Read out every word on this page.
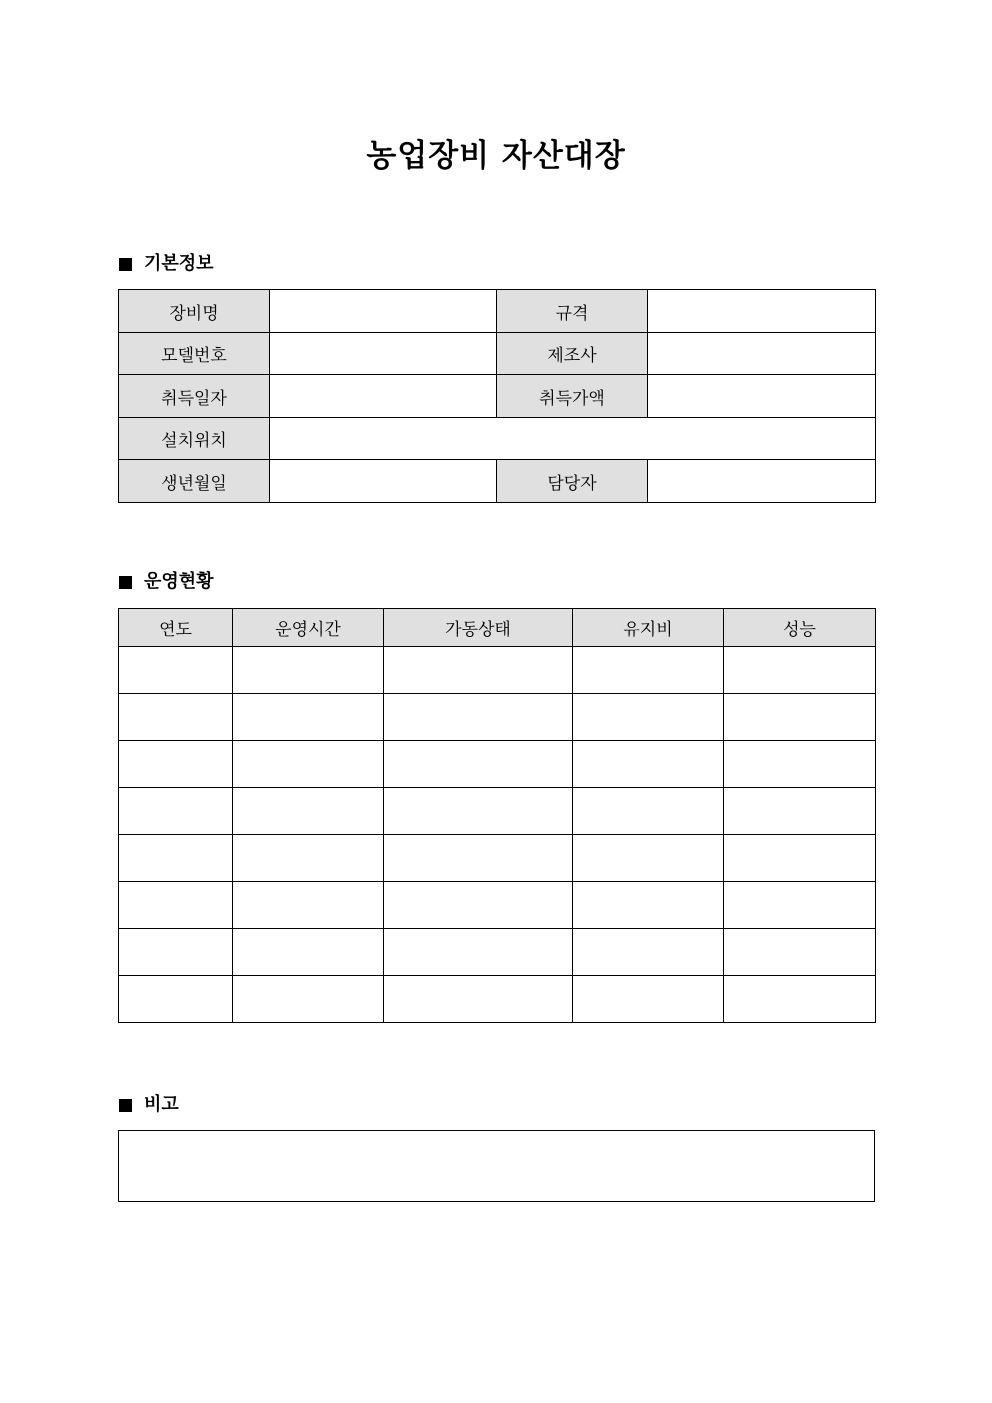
농업장비 자산대장
기본정보
장비명		규격	
모델번호		제조사	
취득일자		취득가액	
설치위치			
생년월일		담당자	
운영현황
연도	운영시간	가동상태	유지비	성능

비고
